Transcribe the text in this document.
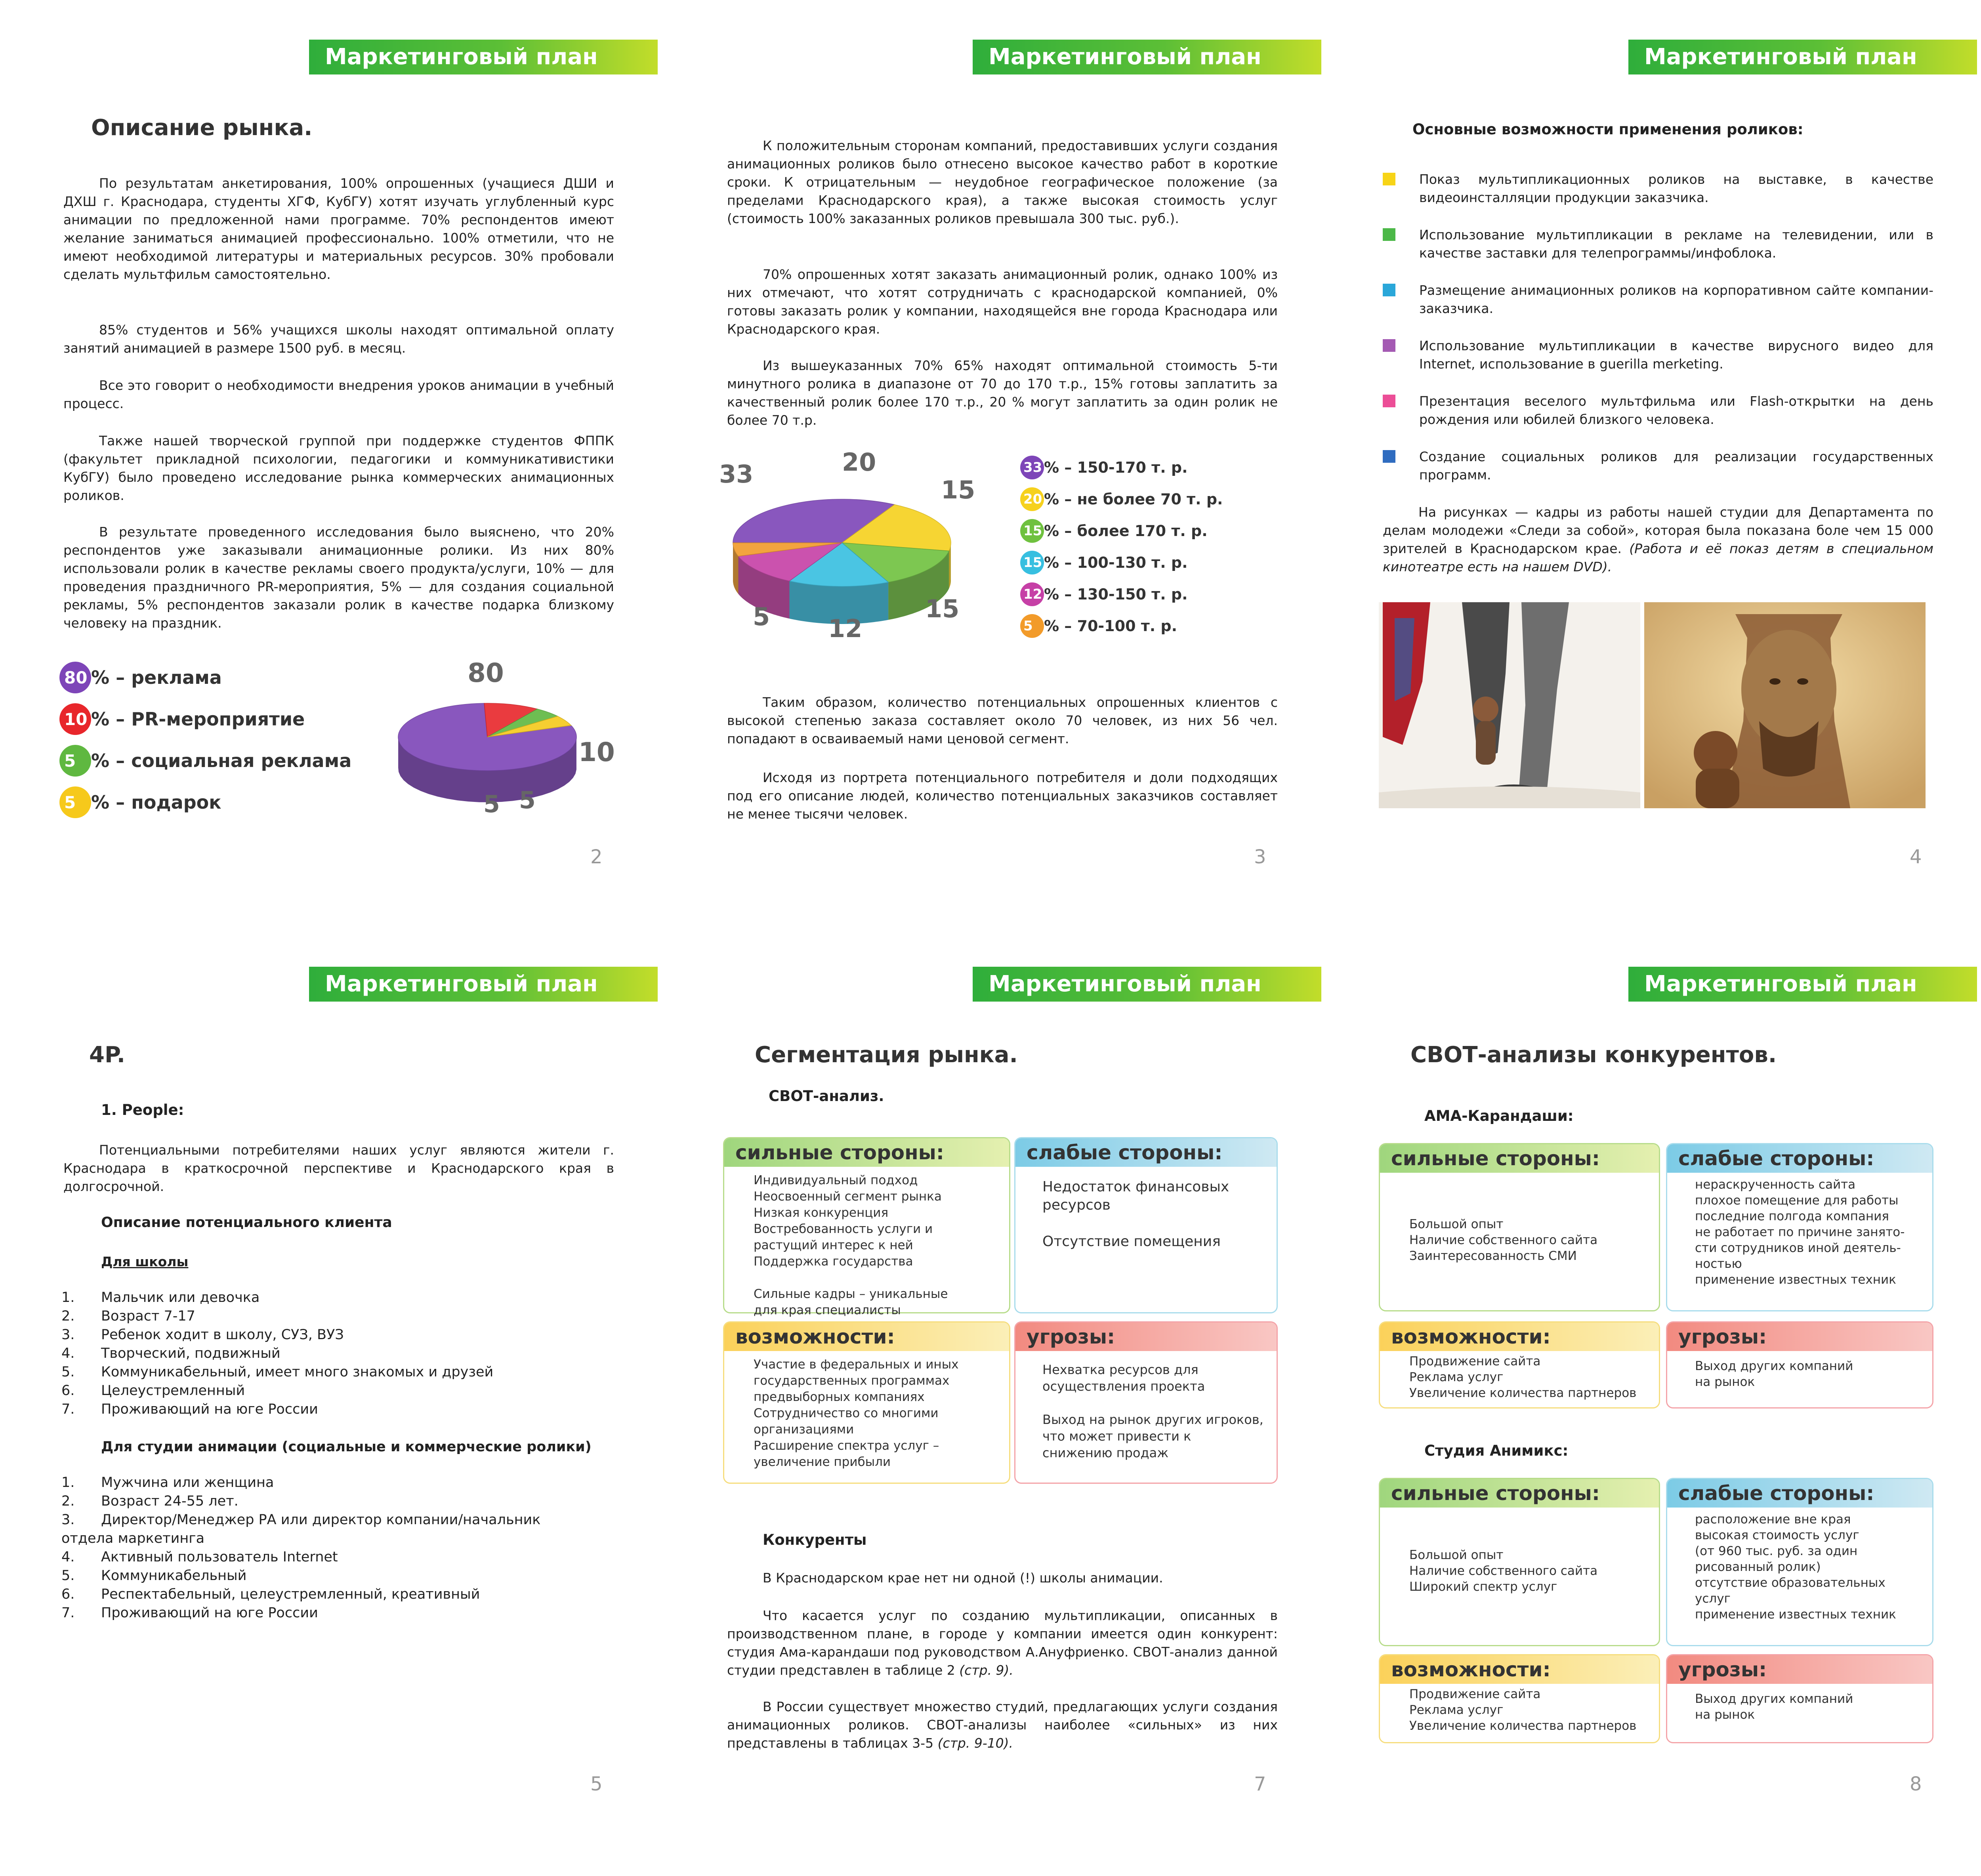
Маркетинговый план
Описание рынка.

По результатам анкетирования, 100% опрошенных (учащиеся ДШИ и ДХШ г. Краснодара, студенты ХГФ, КубГУ) хотят изучать углубленный курс анимации по предложенной нами программе. 70% респондентов имеют желание заниматься анимацией профессионально. 100% отметили, что не имеют необходимой литературы и материальных ресурсов. 30% пробовали сделать мультфильм самостоятельно.

85% студентов и 56% учащихся школы находят оптимальной оплату занятий анимацией в размере 1500 руб. в месяц.

Все это говорит о необходимости внедрения уроков анимации в учебный процесс.

Также нашей творческой группой при поддержке студентов ФППК (факультет прикладной психологии, педагогики и коммуникативистики КубГУ) было проведено исследование рынка коммерческих анимационных роликов.

В результате проведенного исследования было выяснено, что 20% респондентов уже заказывали анимационные ролики. Из них 80% использовали ролик в качестве рекламы своего продукта/услуги, 10% — для проведения праздничного PR-мероприятия, 5% — для создания социальной рекламы, 5% респондентов заказали ролик в качестве подарка близкому человеку на праздник.

80 % – реклама
10 % – PR-мероприятие
5 % – социальная реклама
5 % – подарок
80
10
5 5
2
Маркетинговый план

К положительным сторонам компаний, предоставивших услуги создания анимационных роликов было отнесено высокое качество работ в короткие сроки. К отрицательным — неудобное географическое положение (за пределами Краснодарского края), а также высокая стоимость услуг (стоимость 100% заказанных роликов превышала 300 тыс. руб.).

70% опрошенных хотят заказать анимационный ролик, однако 100% из них отмечают, что хотят сотрудничать с краснодарской компанией, 0% готовы заказать ролик у компании, находящейся вне города Краснодара или Краснодарского края.

Из вышеуказанных 70% 65% находят оптимальной стоимость 5-ти минутного ролика в диапазоне от 70 до 170 т.р., 15% готовы заплатить за качественный ролик более 170 т.р., 20 % могут заплатить за один ролик не более 70 т.р.

33	20
15
15
12
5
33 % – 150-170 т. р.
20 % – не более 70 т. р.
15 % – более 170 т. р.
15 % – 100-130 т. р.
12 % – 130-150 т. р.
5 % – 70-100 т. р.

Таким образом, количество потенциальных опрошенных клиентов с высокой степенью заказа составляет около 70 человек, из них 56 чел. попадают в осваиваемый нами ценовой сегмент.

Исходя из портрета потенциального потребителя и доли подходящих под его описание людей, количество потенциальных заказчиков составляет не менее тысячи человек.

3
Маркетинговый план
Основные возможности применения роликов:
Показ мультипликационных роликов на выставке, в качестве видеоинсталляции продукции заказчика.
Использование мультипликации в рекламе на телевидении, или в качестве заставки для телепрограммы/инфоблока.
Размещение анимационных роликов на корпоративном сайте компании-заказчика.
Использование мультипликации в качестве вирусного видео для Internet, использование в guerilla merketing.
Презентация веселого мультфильма или Flash-открытки на день рождения или юбилей близкого человека.
Создание социальных роликов для реализации государственных программ.

На рисунках — кадры из работы нашей студии для Департамента по делам молодежи «Следи за собой», которая была показана боле чем 15 000 зрителей в Краснодарском крае. (Работа и её показ детям в специальном кинотеатре есть на нашем DVD).

4
Маркетинговый план
4P.
1. People:

Потенциальными потребителями наших услуг являются жители г. Краснодара в краткосрочной перспективе и Краснодарского края в долгосрочной.

Описание потенциального клиента
Для школы
1. Мальчик или девочка
2. Возраст 7-17
3. Ребенок ходит в школу, СУЗ, ВУЗ
4. Творческий, подвижный
5. Коммуникабельный, имеет много знакомых и друзей
6. Целеустремленный
7. Проживающий на юге России
Для студии анимации (социальные и коммерческие ролики)
1. Мужчина или женщина
2. Возраст 24-55 лет.
3. Директор/Менеджер РА или директор компании/начальник
отдела маркетинга
4. Активный пользователь Internet
5. Коммуникабельный
6. Респектабельный, целеустремленный, креативный
7. Проживающий на юге России
5
Маркетинговый план
Сегментация рынка.
СВОТ-анализ.
сильные стороны:
Индивидуальный подход
Неосвоенный сегмент рынка
Низкая конкуренция
Востребованность услуги и
растущий интерес к ней
Поддержка государства

Сильные кадры – уникальные
для края специалисты
слабые стороны:
Недостаток финансовых
ресурсов

Отсутствие помещения
возможности:
Участие в федеральных и иных
государственных программах
предвыборных компаниях
Сотрудничество со многими
организациями
Расширение спектра услуг –
увеличение прибыли
угрозы:
Нехватка ресурсов для
осуществления проекта

Выход на рынок других игроков,
что может привести к
снижению продаж
Конкуренты

В Краснодарском крае нет ни одной (!) школы анимации.

Что касается услуг по созданию мультипликации, описанных в производственном плане, в городе у компании имеется один конкурент: студия Ама-карандаши под руководством А.Ануфриенко. СВОТ-анализ данной студии представлен в таблице 2 (стр. 9).

В России существует множество студий, предлагающих услуги создания анимационных роликов. СВОТ-анализы наиболее «сильных» из них представлены в таблицах 3-5 (стр. 9-10).

7
Маркетинговый план
СВОТ-анализы конкурентов.
АМА-Карандаши:
сильные стороны:
Большой опыт
Наличие собственного сайта
Заинтересованность СМИ
слабые стороны:
нераскрученность сайта
плохое помещение для работы
последние полгода компания
не работает по причине занято-
сти сотрудников иной деятель-
ностью
применение известных техник
возможности:
Продвижение сайта
Реклама услуг
Увеличение количества партнеров
угрозы:
Выход других компаний
на рынок
Студия Анимикс:
сильные стороны:
Большой опыт
Наличие собственного сайта
Широкий спектр услуг
слабые стороны:
расположение вне края
высокая стоимость услуг
(от 960 тыс. руб. за один
рисованный ролик)
отсутствие образовательных
услуг
применение известных техник
возможности:
Продвижение сайта
Реклама услуг
Увеличение количества партнеров
угрозы:
Выход других компаний
на рынок
8
